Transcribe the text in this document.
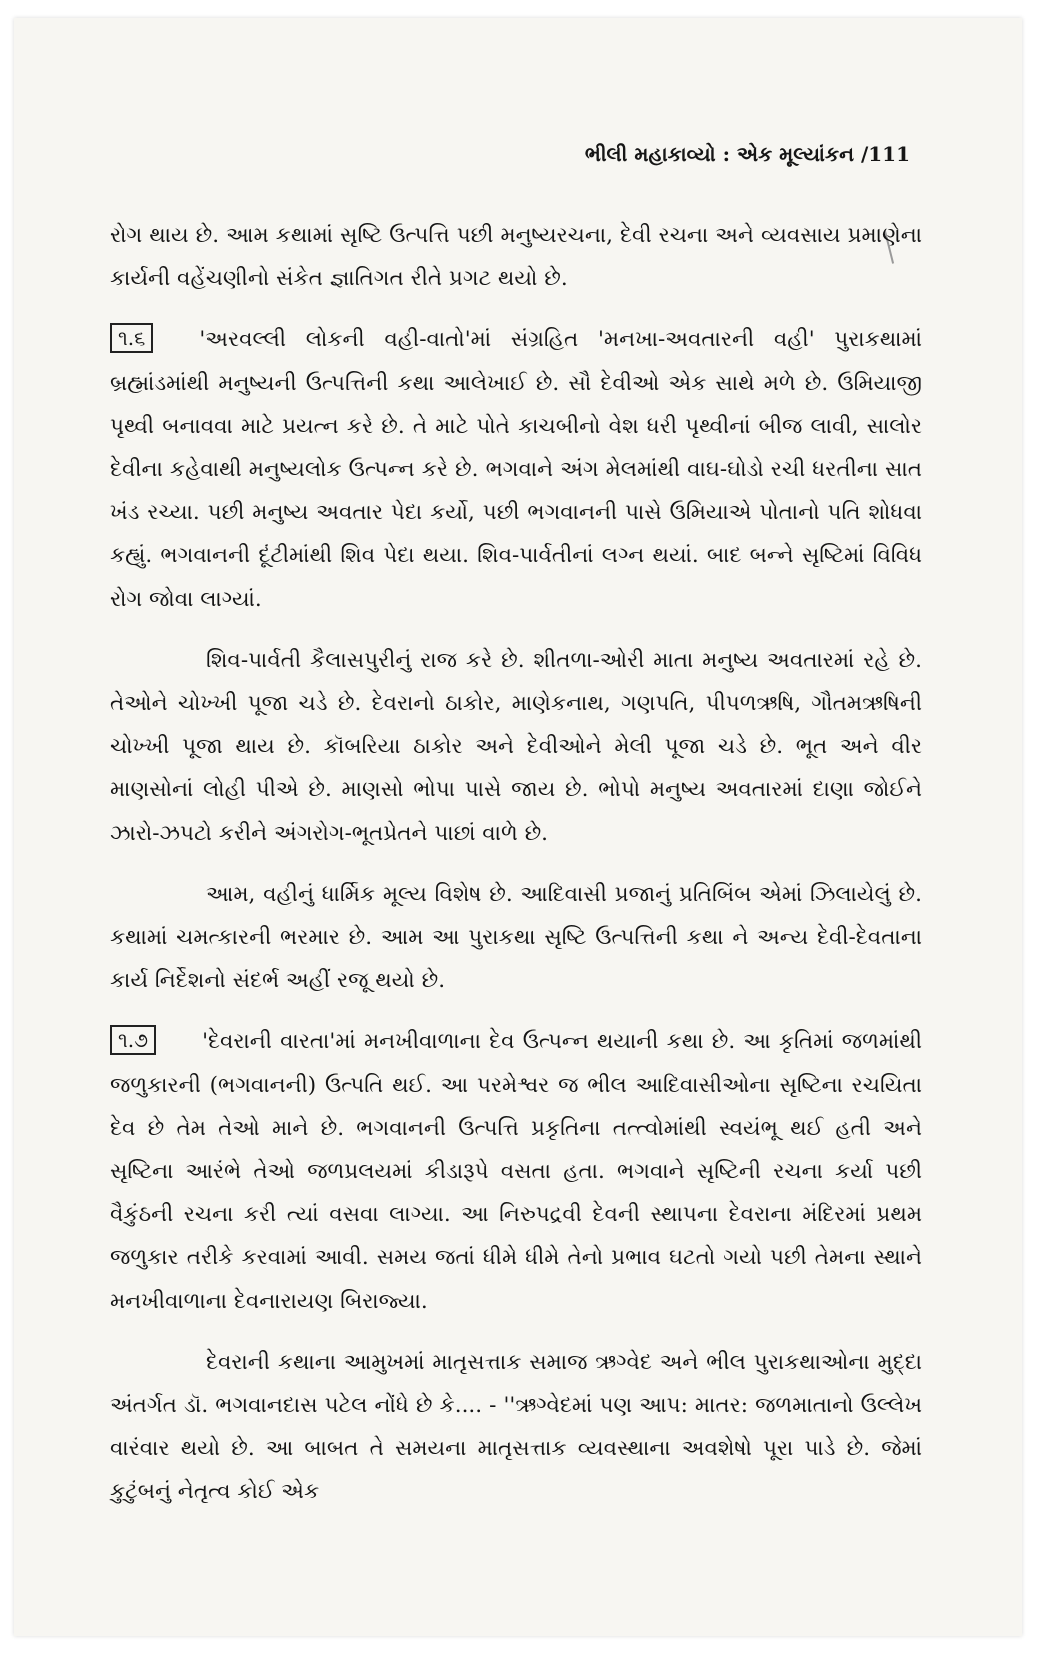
ભીલી મહાકાવ્યો : એક મૂલ્યાંકન /111

રોગ થાય છે. આમ કથામાં સૃષ્ટિ ઉત્પત્તિ પછી મનુષ્યરચના, દેવી રચના અને વ્યવસાય પ્રમાણેના કાર્યની વહેંચણીનો સંકેત જ્ઞાતિગત રીતે પ્રગટ થયો છે.

૧.૬	'અરવલ્લી લોકની વહી-વાતો'માં સંગ્રહિત 'મનખા-અવતારની વહી' પુરાકથામાં બ્રહ્માંડમાંથી મનુષ્યની ઉત્પત્તિની કથા આલેખાઈ છે. સૌ દેવીઓ એક સાથે મળે છે. ઉમિયાજી પૃથ્વી બનાવવા માટે પ્રયત્ન કરે છે. તે માટે પોતે કાચબીનો વેશ ધરી પૃથ્વીનાં બીજ લાવી, સાલોર દેવીના કહેવાથી મનુષ્યલોક ઉત્પન્ન કરે છે. ભગવાને અંગ મેલમાંથી વાઘ-ઘોડો રચી ધરતીના સાત ખંડ રચ્યા. પછી મનુષ્ય અવતાર પેદા કર્યો, પછી ભગવાનની પાસે ઉમિયાએ પોતાનો પતિ શોધવા કહ્યું. ભગવાનની દૂંટીમાંથી શિવ પેદા થયા. શિવ-પાર્વતીનાં લગ્ન થયાં. બાદ બન્ને સૃષ્ટિમાં વિવિધ રોગ જોવા લાગ્યાં.

શિવ-પાર્વતી કૈલાસપુરીનું રાજ કરે છે. શીતળા-ઓરી માતા મનુષ્ય અવતારમાં રહે છે. તેઓને ચોખ્ખી પૂજા ચડે છે. દેવરાનો ઠાકોર, માણેકનાથ, ગણપતિ, પીપળઋષિ, ગૌતમઋષિની ચોખ્ખી પૂજા થાય છે. કૉબરિયા ઠાકોર અને દેવીઓને મેલી પૂજા ચડે છે. ભૂત અને વીર માણસોનાં લોહી પીએ છે. માણસો ભોપા પાસે જાય છે. ભોપો મનુષ્ય અવતારમાં દાણા જોઈને ઝારો-ઝપટો કરીને અંગરોગ-ભૂતપ્રેતને પાછાં વાળે છે.

આમ, વહીનું ધાર્મિક મૂલ્ય વિશેષ છે. આદિવાસી પ્રજાનું પ્રતિબિંબ એમાં ઝિલાયેલું છે. કથામાં ચમત્કારની ભરમાર છે. આમ આ પુરાકથા સૃષ્ટિ ઉત્પત્તિની કથા ને અન્ય દેવી-દેવતાના કાર્ય નિર્દેશનો સંદર્ભ અહીં રજૂ થયો છે.

૧.૭	'દેવરાની વારતા'માં મનખીવાળાના દેવ ઉત્પન્ન થયાની કથા છે. આ કૃતિમાં જળમાંથી જળુકારની (ભગવાનની) ઉત્પતિ થઈ. આ પરમેશ્વર જ ભીલ આદિવાસીઓના સૃષ્ટિના રચયિતા દેવ છે તેમ તેઓ માને છે. ભગવાનની ઉત્પત્તિ પ્રકૃતિના તત્ત્વોમાંથી સ્વયંભૂ થઈ હતી અને સૃષ્ટિના આરંભે તેઓ જળપ્રલયમાં કીડારૂપે વસતા હતા. ભગવાને સૃષ્ટિની રચના કર્યા પછી વૈકુંઠની રચના કરી ત્યાં વસવા લાગ્યા. આ નિરુપદ્રવી દેવની સ્થાપના દેવરાના મંદિરમાં પ્રથમ જળુકાર તરીકે કરવામાં આવી. સમય જતાં ધીમે ધીમે તેનો પ્રભાવ ઘટતો ગયો પછી તેમના સ્થાને મનખીવાળાના દેવનારાયણ બિરાજ્યા.

દેવરાની કથાના આમુખમાં માતૃસત્તાક સમાજ ઋગ્વેદ અને ભીલ પુરાકથાઓના મુદ્દા અંતર્ગત ડૉ. ભગવાનદાસ પટેલ નોંધે છે કે.... - ''ઋગ્વેદમાં પણ આપ: માતર: જળમાતાનો ઉલ્લેખ વારંવાર થયો છે. આ બાબત તે સમયના માતૃસત્તાક વ્યવસ્થાના અવશેષો પૂરા પાડે છે. જેમાં કુટુંબનું નેતૃત્વ કોઈ એક
